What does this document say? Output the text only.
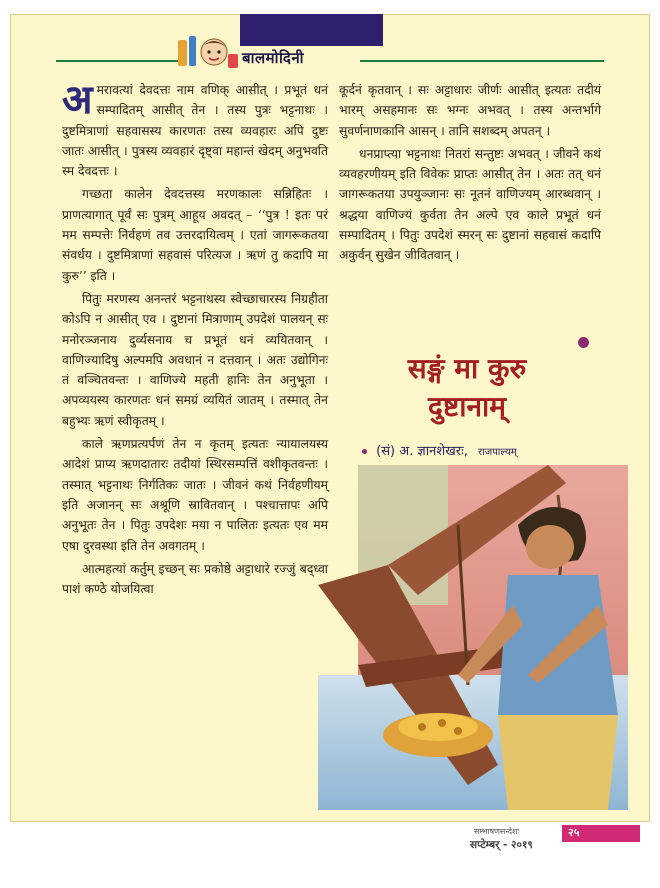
बालमोदिनी

अमरावत्यां देवदत्तः नाम वणिक् आसीत् । प्रभूतं धनं सम्पादितम् आसीत् तेन । तस्य पुत्रः भट्टनाथः । दुष्टमित्राणां सहवासस्य कारणतः तस्य व्यवहारः अपि दुष्टः जातः आसीत् । पुत्रस्य व्यवहारं दृष्ट्वा महान्तं खेदम् अनुभवति स्म देवदत्तः ।

गच्छता कालेन देवदत्तस्य मरणकालः सन्निहितः । प्राणत्यागात् पूर्वं सः पुत्रम् आहूय अवदत् – ‘‘पुत्र ! इतः परं मम सम्पत्तेः निर्वहणं तव उत्तरदायित्वम् । एतां जागरूकतया संवर्धय । दुष्टमित्राणां सहवासं परित्यज । ऋणं तु कदापि मा कुरु’’ इति ।

पितुः मरणस्य अनन्तरं भट्टनाथस्य स्वेच्छाचारस्य निग्रहीता कोऽपि न आसीत् एव । दुष्टानां मित्राणाम् उपदेशं पालयन् सः मनोरञ्जनाय दुर्व्यसनाय च प्रभूतं धनं व्ययितवान् । वाणिज्यादिषु अल्पमपि अवधानं न दत्तवान् । अतः उद्योगिनः तं वञ्चितवन्तः । वाणिज्ये महती हानिः तेन अनुभूता । अपव्ययस्य कारणतः धनं समग्रं व्ययितं जातम् । तस्मात् तेन बहुभ्यः ऋणं स्वीकृतम् ।

काले ऋणप्रत्यर्पणं तेन न कृतम् इत्यतः न्यायालयस्य आदेशं प्राप्य ऋणदातारः तदीयां स्थिरसम्पत्तिं वशीकृतवन्तः । तस्मात् भट्टनाथः निर्गतिकः जातः । जीवनं कथं निर्वहणीयम् इति अजानन् सः अश्रूणि स्रावितवान् । पश्चात्तापः अपि अनुभूतः तेन । पितुः उपदेशः मया न पालितः इत्यतः एव मम एषा दुरवस्था इति तेन अवगतम् ।

आत्महत्यां कर्तुम् इच्छन् सः प्रकोष्ठे अट्टाधारे रज्जुं बद्ध्वा पाशं कण्ठे योजयित्वा

कूर्दनं कृतवान् । सः अट्टाधारः जीर्णः आसीत् इत्यतः तदीयं भारम् असहमानः सः भग्नः अभवत् । तस्य अन्तर्भागे सुवर्णनाणकानि आसन् । तानि सशब्दम् अपतन् ।

धनप्राप्त्या भट्टनाथः नितरां सन्तुष्टः अभवत् । जीवने कथं व्यवहरणीयम् इति विवेकः प्राप्तः आसीत् तेन । अतः तत् धनं जागरूकतया उपयुञ्जानः सः नूतनं वाणिज्यम् आरब्धवान् । श्रद्धया वाणिज्यं कुर्वता तेन अल्पे एव काले प्रभूतं धनं सम्पादितम् । पितुः उपदेशं स्मरन् सः दुष्टानां सहवासं कदापि अकुर्वन् सुखेन जीवितवान् ।

सङ्गं मा कुरु
दुष्टानाम्
(सं) अ. ज्ञानशेखरः, राजपाल्यम्
सम्भाषणसन्देशः
सप्टेम्बर् - २०१९
२५
